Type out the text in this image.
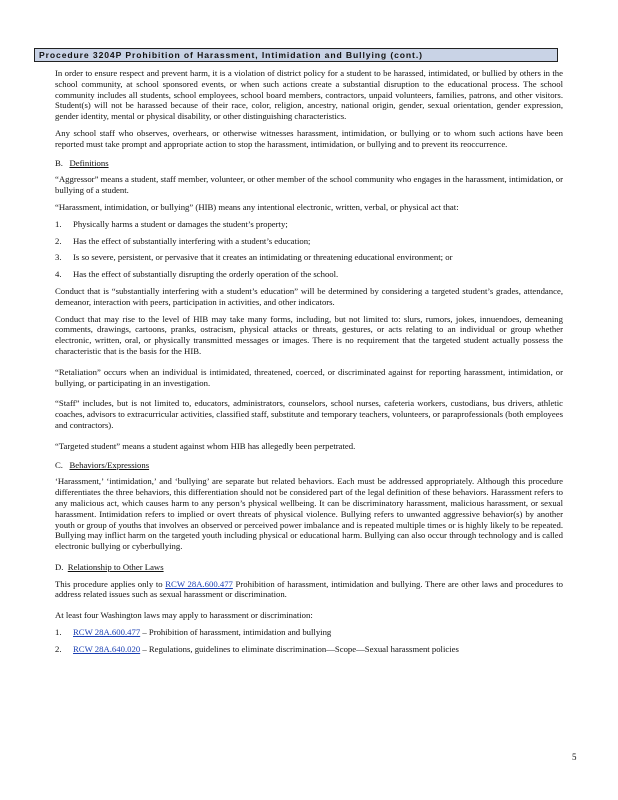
Procedure 3204P Prohibition of Harassment, Intimidation and Bullying (cont.)

In order to ensure respect and prevent harm, it is a violation of district policy for a student to be harassed, intimidated, or bullied by others in the school community, at school sponsored events, or when such actions create a substantial disruption to the educational process. The school community includes all students, school employees, school board members, contractors, unpaid volunteers, families, patrons, and other visitors. Student(s) will not be harassed because of their race, color, religion, ancestry, national origin, gender, sexual orientation, gender expression, gender identity, mental or physical disability, or other distinguishing characteristics.

Any school staff who observes, overhears, or otherwise witnesses harassment, intimidation, or bullying or to whom such actions have been reported must take prompt and appropriate action to stop the harassment, intimidation, or bullying and to prevent its reoccurrence.

B. Definitions

“Aggressor” means a student, staff member, volunteer, or other member of the school community who engages in the harassment, intimidation, or bullying of a student.

“Harassment, intimidation, or bullying” (HIB) means any intentional electronic, written, verbal, or physical act that:

1.	Physically harms a student or damages the student’s property;
2.	Has the effect of substantially interfering with a student’s education;
3.	Is so severe, persistent, or pervasive that it creates an intimidating or threatening educational environment; or
4.	Has the effect of substantially disrupting the orderly operation of the school.

Conduct that is “substantially interfering with a student’s education” will be determined by considering a targeted student’s grades, attendance, demeanor, interaction with peers, participation in activities, and other indicators.

Conduct that may rise to the level of HIB may take many forms, including, but not limited to: slurs, rumors, jokes, innuendoes, demeaning comments, drawings, cartoons, pranks, ostracism, physical attacks or threats, gestures, or acts relating to an individual or group whether electronic, written, oral, or physically transmitted messages or images. There is no requirement that the targeted student actually possess the characteristic that is the basis for the HIB.

“Retaliation” occurs when an individual is intimidated, threatened, coerced, or discriminated against for reporting harassment, intimidation, or bullying, or participating in an investigation.

“Staff” includes, but is not limited to, educators, administrators, counselors, school nurses, cafeteria workers, custodians, bus drivers, athletic coaches, advisors to extracurricular activities, classified staff, substitute and temporary teachers, volunteers, or paraprofessionals (both employees and contractors).

“Targeted student” means a student against whom HIB has allegedly been perpetrated.

C. Behaviors/Expressions

‘Harassment,’ ‘intimidation,’ and ‘bullying’ are separate but related behaviors. Each must be addressed appropriately. Although this procedure differentiates the three behaviors, this differentiation should not be considered part of the legal definition of these behaviors. Harassment refers to any malicious act, which causes harm to any person’s physical wellbeing. It can be discriminatory harassment, malicious harassment, or sexual harassment. Intimidation refers to implied or overt threats of physical violence. Bullying refers to unwanted aggressive behavior(s) by another youth or group of youths that involves an observed or perceived power imbalance and is repeated multiple times or is highly likely to be repeated. Bullying may inflict harm on the targeted youth including physical or educational harm. Bullying can also occur through technology and is called electronic bullying or cyberbullying.

D. Relationship to Other Laws

This procedure applies only to RCW 28A.600.477 Prohibition of harassment, intimidation and bullying. There are other laws and procedures to address related issues such as sexual harassment or discrimination.

At least four Washington laws may apply to harassment or discrimination:

1.	RCW 28A.600.477 – Prohibition of harassment, intimidation and bullying
2.	RCW 28A.640.020 – Regulations, guidelines to eliminate discrimination—Scope—Sexual harassment policies
5
